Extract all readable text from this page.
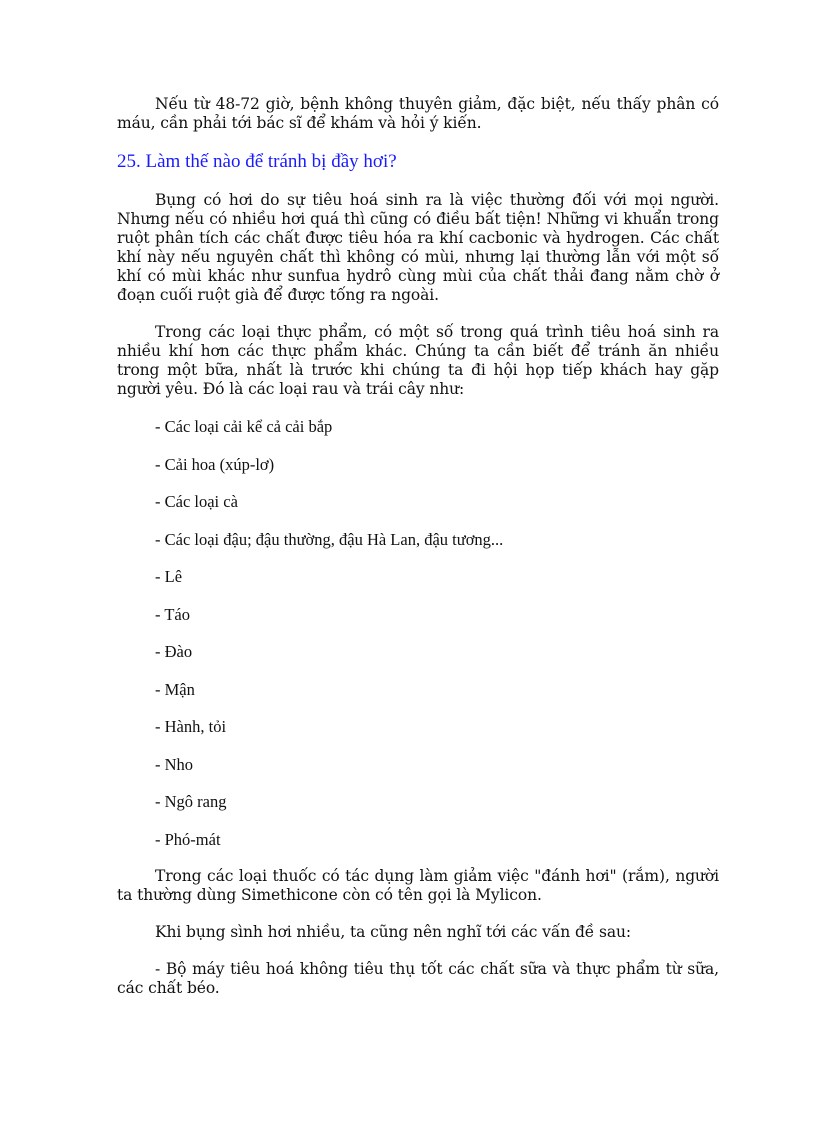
Nếu từ 48-72 giờ, bệnh không thuyên giảm, đặc biệt, nếu thấy phân có máu, cần phải tới bác sĩ để khám và hỏi ý kiến.

25. Làm thế nào để tránh bị đầy hơi?

Bụng có hơi do sự tiêu hoá sinh ra là việc thường đối với mọi người. Nhưng nếu có nhiều hơi quá thì cũng có điều bất tiện! Những vi khuẩn trong ruột phân tích các chất được tiêu hóa ra khí cacbonic và hydrogen. Các chất khí này nếu nguyên chất thì không có mùi, nhưng lại thường lẫn với một số khí có mùi khác như sunfua hydrô cùng mùi của chất thải đang nằm chờ ở đoạn cuối ruột già để được tống ra ngoài.

Trong các loại thực phẩm, có một số trong quá trình tiêu hoá sinh ra nhiều khí hơn các thực phẩm khác. Chúng ta cần biết để tránh ăn nhiều trong một bữa, nhất là trước khi chúng ta đi hội họp tiếp khách hay gặp người yêu. Đó là các loại rau và trái cây như:

- Các loại cải kể cả cải bắp
- Cải hoa (xúp-lơ)
- Các loại cà
- Các loại đậu; đậu thường, đậu Hà Lan, đậu tương...
- Lê
- Táo
- Đào
- Mận
- Hành, tỏi
- Nho
- Ngô rang
- Phó-mát

Trong các loại thuốc có tác dụng làm giảm việc "đánh hơi" (rắm), người ta thường dùng Simethicone còn có tên gọi là Mylicon.

Khi bụng sình hơi nhiều, ta cũng nên nghĩ tới các vấn đề sau:

- Bộ máy tiêu hoá không tiêu thụ tốt các chất sữa và thực phẩm từ sữa, các chất béo.
